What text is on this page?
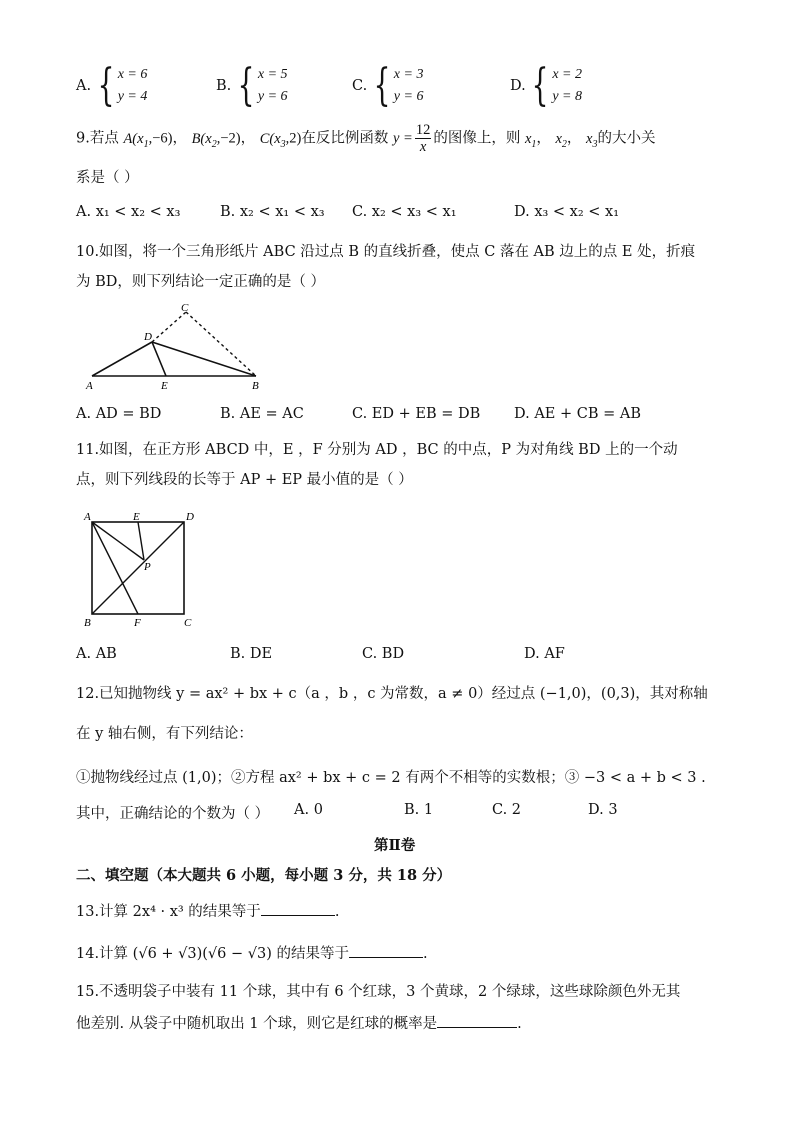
A.
{ x = 6
y = 4
B.
{ x = 5
y = 6
C.
{ x = 3
y = 6
D.
{ x = 2
y = 8
9.若点 $A(x_1,-6)$， $B(x_2,-2)$， $C(x_3,2)$在反比例函数 $y = \frac{12}{x}$ 的图像上，则 $x_1$， $x_2$， $x_3$的大小关
系是（ ）
A. x₁ < x₂ < x₃	B. x₂ < x₁ < x₃ C. x₂ < x₃ < x₁	D. x₃ < x₂ < x₁
10.如图，将一个三角形纸片 ABC 沿过点 B 的直线折叠，使点 C 落在 AB 边上的点 E 处，折痕
为 BD，则下列结论一定正确的是（ ）
A	B
C
D
E
A. AD = BD	B. AE = AC	C. ED + EB = DB D. AE + CB = AB
11.如图，在正方形 ABCD 中，E ，F 分别为 AD ，BC 的中点，P 为对角线 BD 上的一个动
点，则下列线段的长等于 AP + EP 最小值的是（ ）
A	E	D
P
B	F	C
A. AB	B. DE	C. BD	D. AF
12.已知抛物线 y = ax² + bx + c（a ，b ，c 为常数，a ≠ 0）经过点 (−1,0)，(0,3)，其对称轴
在 y 轴右侧，有下列结论：
①抛物线经过点 (1,0)；②方程 ax² + bx + c = 2 有两个不相等的实数根；③ −3 < a + b < 3 .
其中，正确结论的个数为（ ） A. 0	B. 1	C. 2	D. 3
第Ⅱ卷
二、填空题（本大题共 6 小题，每小题 3 分，共 18 分）
13.计算 2x⁴ · x³ 的结果等于	.
14.计算 (√6 + √3)(√6 − √3) 的结果等于	.
15.不透明袋子中装有 11 个球，其中有 6 个红球，3 个黄球，2 个绿球，这些球除颜色外无其
他差别. 从袋子中随机取出 1 个球，则它是红球的概率是	.
